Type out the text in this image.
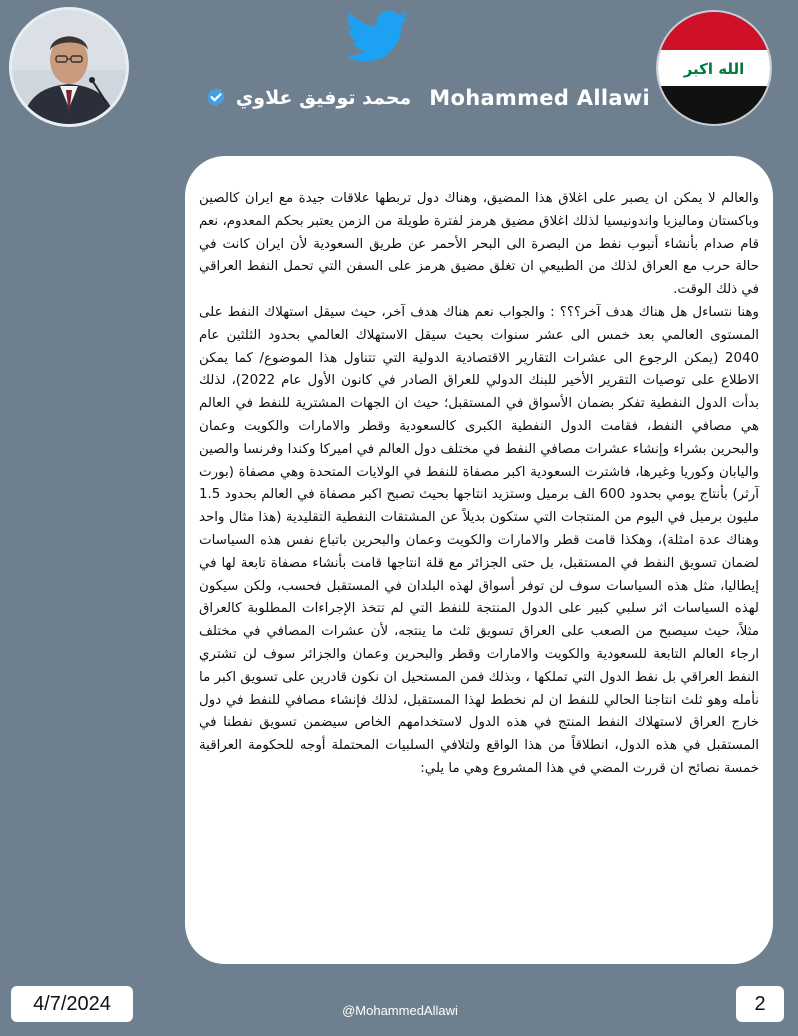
الله اكبر
محمد توفيق علاوي Mohammed Allawi

والعالم لا يمكن ان يصبر على اغلاق هذا المضيق، وهناك دول تربطها علاقات جيدة مع ايران كالصين وباكستان وماليزيا واندونيسيا لذلك اغلاق مضيق هرمز لفترة طويلة من الزمن يعتبر بحكم المعدوم، نعم قام صدام بأنشاء أنبوب نفط من البصرة الى البحر الأحمر عن طريق السعودية لأن ايران كانت في حالة حرب مع العراق لذلك من الطبيعي ان تغلق مضيق هرمز على السفن التي تحمل النفط العراقي في ذلك الوقت.

وهنا نتساءل هل هناك هدف آخر؟؟؟ : والجواب نعم هناك هدف آخر، حيث سيقل استهلاك النفط على المستوى العالمي بعد خمس الى عشر سنوات بحيث سيقل الاستهلاك العالمي بحدود الثلثين عام 2040 (يمكن الرجوع الى عشرات التقارير الاقتصادية الدولية التي تتناول هذا الموضوع/ كما يمكن الاطلاع على توصيات التقرير الأخير للبنك الدولي للعراق الصادر في كانون الأول عام 2022)، لذلك بدأت الدول النفطية تفكر بضمان الأسواق في المستقبل؛ حيث ان الجهات المشترية للنفط في العالم هي مصافي النفط، فقامت الدول النفطية الكبرى كالسعودية وقطر والامارات والكويت وعمان والبحرين بشراء وإنشاء عشرات مصافي النفط في مختلف دول العالم في اميركا وكندا وفرنسا والصين واليابان وكوريا وغيرها، فاشترت السعودية اكبر مصفاة للنفط في الولايات المتحدة وهي مصفاة (بورت آرثر) بأنتاج يومي بحدود 600 الف برميل وستزيد انتاجها بحيث تصبح اكبر مصفاة في العالم بحدود 1.5 مليون برميل في اليوم من المنتجات التي ستكون بديلاً عن المشتقات النفطية التقليدية (هذا مثال واحد وهناك عدة امثلة)، وهكذا قامت قطر والامارات والكويت وعمان والبحرين باتباع نفس هذه السياسات لضمان تسويق النفط في المستقبل، بل حتى الجزائر مع قلة انتاجها قامت بأنشاء مصفاة تابعة لها في إيطاليا، مثل هذه السياسات سوف لن توفر أسواق لهذه البلدان في المستقبل فحسب، ولكن سيكون لهذه السياسات اثر سلبي كبير على الدول المنتجة للنفط التي لم تتخذ الإجراءات المطلوبة كالعراق مثلاً، حيث سيصبح من الصعب على العراق تسويق ثلث ما ينتجه، لأن عشرات المصافي في مختلف ارجاء العالم التابعة للسعودية والكويت والامارات وقطر والبحرين وعمان والجزائر سوف لن تشتري النفط العراقي بل نفط الدول التي تملكها ، وبذلك فمن المستحيل ان نكون قادرين على تسويق اكبر ما نأمله وهو ثلث انتاجنا الحالي للنفط ان لم نخطط لهذا المستقبل، لذلك فإنشاء مصافي للنفط في دول خارج العراق لاستهلاك النفط المنتج في هذه الدول لاستخدامهم الخاص سيضمن تسويق نفطنا في المستقبل في هذه الدول، انطلاقاً من هذا الواقع ولتلافي السلبيات المحتملة أوجه للحكومة العراقية خمسة نصائح ان قررت المضي في هذا المشروع وهي ما يلي:

4/7/2024	@MohammedAllawi	2
